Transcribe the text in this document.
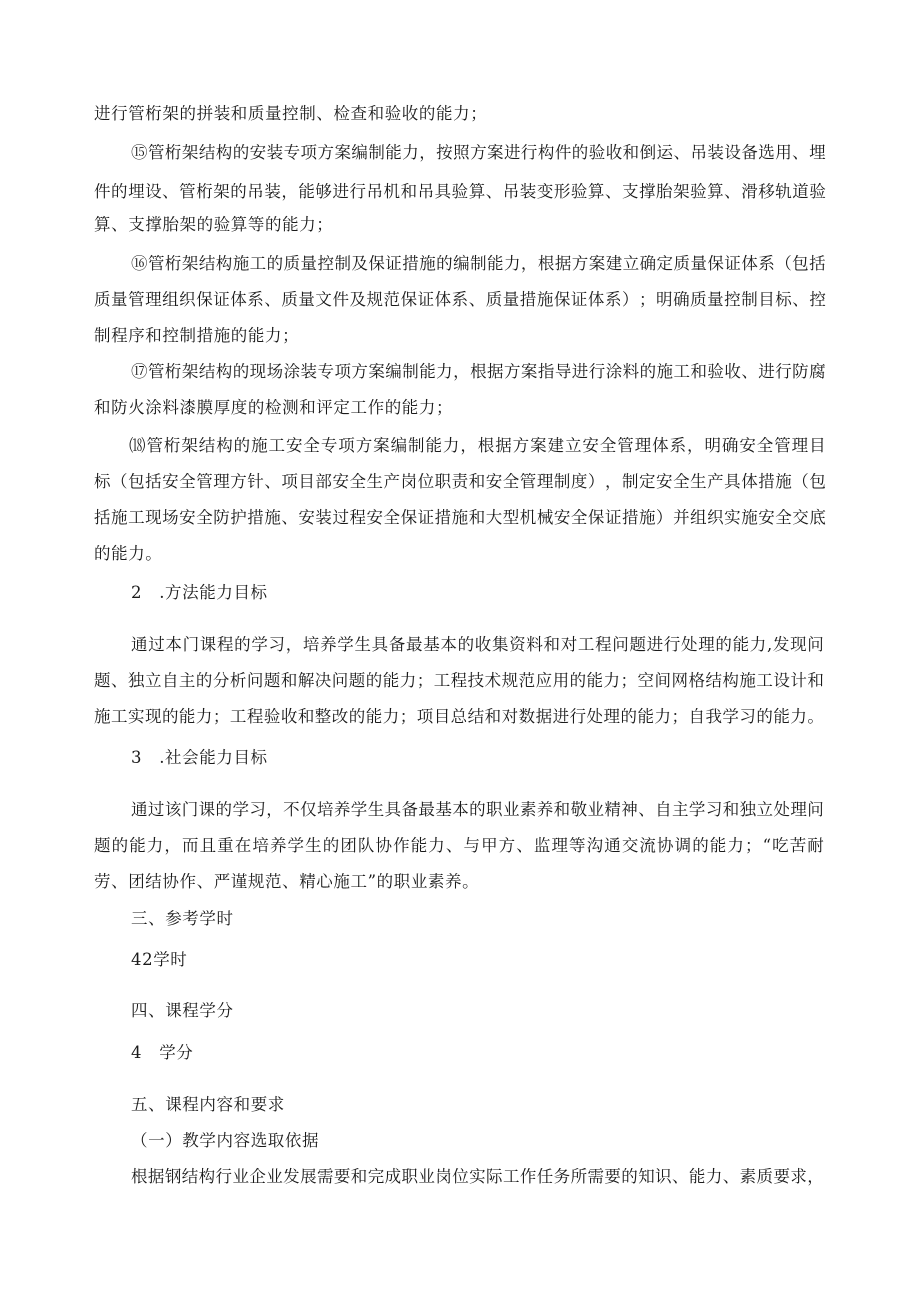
进行管桁架的拼装和质量控制、检查和验收的能力；
⑮ 管 桁 架 结 构 的 安 装 专 项 方 案 编 制 能 力 ， 按 照 方 案 进 行 构 件 的 验 收 和 倒 运 、 吊 装 设 备 选 用 、 埋
件 的 埋 设 、 管 桁 架 的 吊 装 ， 能 够 进 行 吊 机 和 吊 具 验 算 、 吊 装 变 形 验 算 、 支 撑 胎 架 验 算 、 滑 移 轨 道 验
算、支撑胎架的验算等的能力；
⑯ 管 桁 架 结 构 施 工 的 质 量 控 制 及 保 证 措 施 的 编 制 能 力 ， 根 据 方 案 建 立 确 定 质 量 保 证 体 系 （ 包 括
质 量 管 理 组 织 保 证 体 系 、 质 量 文 件 及 规 范 保 证 体 系 、 质 量 措 施 保 证 体 系 ） ； 明 确 质 量 控 制 目 标 、 控
制程序和控制措施的能力；
⑰ 管 桁 架 结 构 的 现 场 涂 装 专 项 方 案 编 制 能 力 ， 根 据 方 案 指 导 进 行 涂 料 的 施 工 和 验 收 、 进 行 防 腐
和防火涂料漆膜厚度的检测和评定工作的能力；
⒅ 管 桁 架 结 构 的 施 工 安 全 专 项 方 案 编 制 能 力 ， 根 据 方 案 建 立 安 全 管 理 体 系 ， 明 确 安 全 管 理 目
标 （ 包 括 安 全 管 理 方 针 、 项 目 部 安 全 生 产 岗 位 职 责 和 安 全 管 理 制 度 ） ， 制 定 安 全 生 产 具 体 措 施 （ 包
括 施 工 现 场 安 全 防 护 措 施 、 安 装 过 程 安 全 保 证 措 施 和 大 型 机 械 安 全 保 证 措 施 ） 并 组 织 实 施 安 全 交 底
的能力。
2　.方法能力目标
通 过 本 门 课 程 的 学 习 ， 培 养 学 生 具 备 最 基 本 的 收 集 资 料 和 对 工 程 问 题 进 行 处 理 的 能 力 , 发 现 问
题 、 独 立 自 主 的 分 析 问 题 和 解 决 问 题 的 能 力 ； 工 程 技 术 规 范 应 用 的 能 力 ； 空 间 网 格 结 构 施 工 设 计 和
施 工 实 现 的 能 力 ； 工 程 验 收 和 整 改 的 能 力 ； 项 目 总 结 和 对 数 据 进 行 处 理 的 能 力 ； 自 我 学 习 的 能 力 。
3　.社会能力目标
通 过 该 门 课 的 学 习 ， 不 仅 培 养 学 生 具 备 最 基 本 的 职 业 素 养 和 敬 业 精 神 、 自 主 学 习 和 独 立 处 理 问
题 的 能 力 ， 而 且 重 在 培 养 学 生 的 团 队 协 作 能 力 、 与 甲 方 、 监 理 等 沟 通 交 流 协 调 的 能 力 ； “ 吃 苦 耐
劳、团结协作、严谨规范、精心施工”的职业素养。
三、参考学时
42学时
四、课程学分
4　学分
五、课程内容和要求
（一）教学内容选取依据
根 据 钢 结 构 行 业 企 业 发 展 需 要 和 完 成 职 业 岗 位 实 际 工 作 任 务 所 需 要 的 知 识 、 能 力 、 素 质 要 求 ，
